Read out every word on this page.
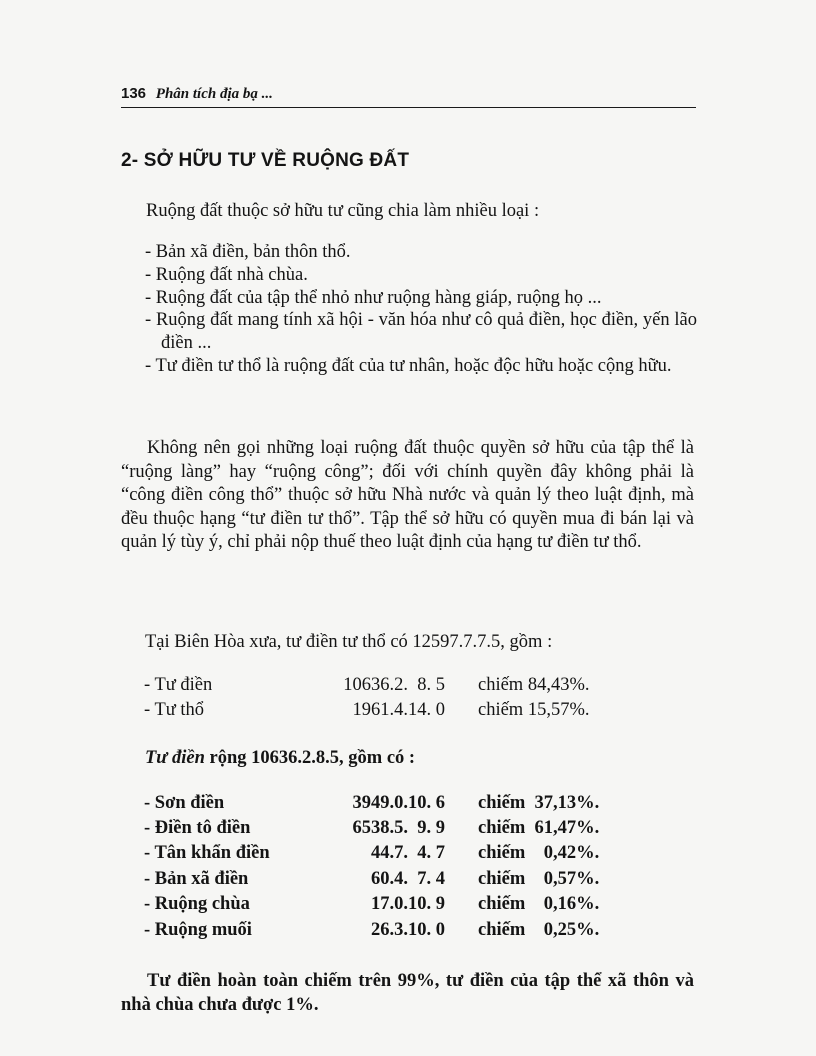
136 Phân tích địa bạ ...
2- SỞ HỮU TƯ VỀ RUỘNG ĐẤT
Ruộng đất thuộc sở hữu tư cũng chia làm nhiều loại :
- Bản xã điền, bản thôn thổ.
- Ruộng đất nhà chùa.
- Ruộng đất của tập thể nhỏ như ruộng hàng giáp, ruộng họ ...
- Ruộng đất mang tính xã hội - văn hóa như cô quả điền, học điền, yến lão điền ...
- Tư điền tư thổ là ruộng đất của tư nhân, hoặc độc hữu hoặc cộng hữu.
Không nên gọi những loại ruộng đất thuộc quyền sở hữu của tập thể là “ruộng làng” hay “ruộng công”; đối với chính quyền đây không phải là “công điền công thổ” thuộc sở hữu Nhà nước và quản lý theo luật định, mà đều thuộc hạng “tư điền tư thổ”. Tập thể sở hữu có quyền mua đi bán lại và quản lý tùy ý, chỉ phải nộp thuế theo luật định của hạng tư điền tư thổ.
Tại Biên Hòa xưa, tư điền tư thổ có 12597.7.7.5, gồm :
- Tư điền	10636.2.  8. 5 chiếm 84,43%.
- Tư thổ	1961.4.14. 0 chiếm 15,57%.
Tư điền rộng 10636.2.8.5, gồm có :
- Sơn điền	3949.0.10. 6 chiếm  37,13%.
- Điền tô điền	6538.5.  9. 9 chiếm  61,47%.
- Tân khẩn điền	44.7.  4. 7 chiếm    0,42%.
- Bản xã điền	60.4.  7. 4 chiếm    0,57%.
- Ruộng chùa	17.0.10. 9 chiếm    0,16%.
- Ruộng muối	26.3.10. 0 chiếm    0,25%.
Tư điền hoàn toàn chiếm trên 99%, tư điền của tập thể xã thôn và nhà chùa chưa được 1%.
